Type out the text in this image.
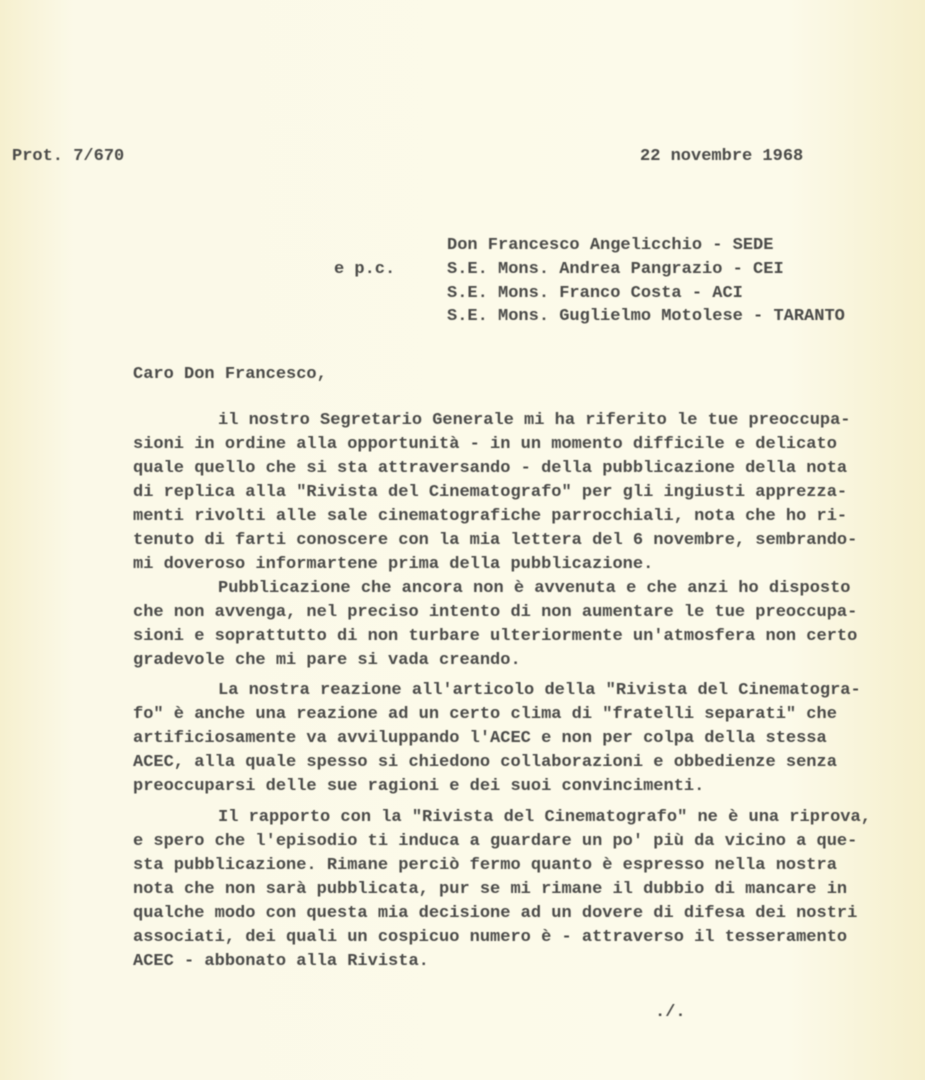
Prot. 7/670	22 novembre 1968
Don Francesco Angelicchio - SEDE
e p.c.	S.E. Mons. Andrea Pangrazio - CEI
S.E. Mons. Franco Costa - ACI
S.E. Mons. Guglielmo Motolese - TARANTO
Caro Don Francesco,
il nostro Segretario Generale mi ha riferito le tue preoccupa-
sioni in ordine alla opportunità - in un momento difficile e delicato
quale quello che si sta attraversando - della pubblicazione della nota
di replica alla "Rivista del Cinematografo" per gli ingiusti apprezza-
menti rivolti alle sale cinematografiche parrocchiali, nota che ho ri-
tenuto di farti conoscere con la mia lettera del 6 novembre, sembrando-
mi doveroso informartene prima della pubblicazione.
Pubblicazione che ancora non è avvenuta e che anzi ho disposto
che non avvenga, nel preciso intento di non aumentare le tue preoccupa-
sioni e soprattutto di non turbare ulteriormente un'atmosfera non certo
gradevole che mi pare si vada creando.
La nostra reazione all'articolo della "Rivista del Cinematogra-
fo" è anche una reazione ad un certo clima di "fratelli separati" che
artificiosamente va avviluppando l'ACEC e non per colpa della stessa
ACEC, alla quale spesso si chiedono collaborazioni e obbedienze senza
preoccuparsi delle sue ragioni e dei suoi convincimenti.
Il rapporto con la "Rivista del Cinematografo" ne è una riprova,
e spero che l'episodio ti induca a guardare un po' più da vicino a que-
sta pubblicazione. Rimane perciò fermo quanto è espresso nella nostra
nota che non sarà pubblicata, pur se mi rimane il dubbio di mancare in
qualche modo con questa mia decisione ad un dovere di difesa dei nostri
associati, dei quali un cospicuo numero è - attraverso il tesseramento
ACEC - abbonato alla Rivista.
./.
